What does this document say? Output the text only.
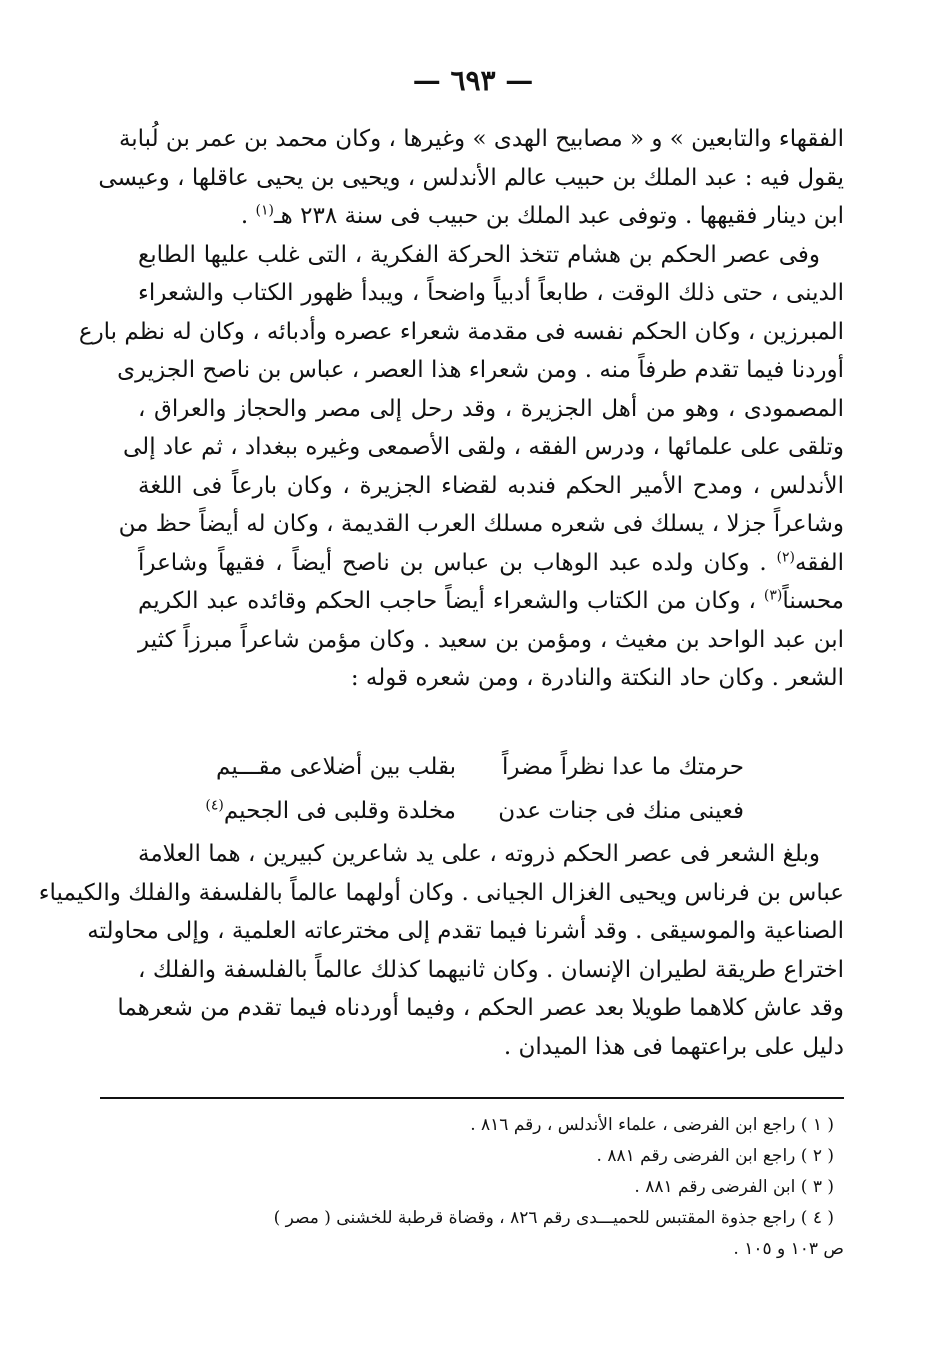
— ٦٩٣ —
الفقهاء والتابعين » و « مصابيح الهدى » وغيرها ، وكان محمد بن عمر بن لُبابة
يقول فيه : عبد الملك بن حبيب عالم الأندلس ، ويحيى بن يحيى عاقلها ، وعيسى
ابن دينار فقيهها . وتوفى عبد الملك بن حبيب فى سنة ٢٣٨ هـ$^{(١)}$ .
وفى عصر الحكم بن هشام تتخذ الحركة الفكرية ، التى غلب عليها الطابع
الدينى ، حتى ذلك الوقت ، طابعاً أدبياً واضحاً ، ويبدأ ظهور الكتاب والشعراء
المبرزين ، وكان الحكم نفسه فى مقدمة شعراء عصره وأدبائه ، وكان له نظم بارع
أوردنا فيما تقدم طرفاً منه . ومن شعراء هذا العصر ، عباس بن ناصح الجزيرى
المصمودى ، وهو من أهل الجزيرة ، وقد رحل إلى مصر والحجاز والعراق ،
وتلقى على علمائها ، ودرس الفقه ، ولقى الأصمعى وغيره ببغداد ، ثم عاد إلى
الأندلس ، ومدح الأمير الحكم فندبه لقضاء الجزيرة ، وكان بارعاً فى اللغة
وشاعراً جزلا ، يسلك فى شعره مسلك العرب القديمة ، وكان له أيضاً حظ من
الفقه$^{(٢)}$ . وكان ولده عبد الوهاب بن عباس بن ناصح أيضاً ، فقيهاً وشاعراً
محسناً$^{(٣)}$ ، وكان من الكتاب والشعراء أيضاً حاجب الحكم وقائده عبد الكريم
ابن عبد الواحد بن مغيث ، ومؤمن بن سعيد . وكان مؤمن شاعراً مبرزاً كثير
الشعر . وكان حاد النكتة والنادرة ، ومن شعره قوله :
حرمتك ما عدا نظراً مضراً
بقلب بين أضلاعى مقـــيم
فعينى منك فى جنات عدن
مخلدة وقلبى فى الجحيم$^{(٤)}$
وبلغ الشعر فى عصر الحكم ذروته ، على يد شاعرين كبيرين ، هما العلامة
عباس بن فرناس ويحيى الغزال الجيانى . وكان أولهما عالماً بالفلسفة والفلك والكيمياء
الصناعية والموسيقى . وقد أشرنا فيما تقدم إلى مخترعاته العلمية ، وإلى محاولته
اختراع طريقة لطيران الإنسان . وكان ثانيهما كذلك عالماً بالفلسفة والفلك ،
وقد عاش كلاهما طويلا بعد عصر الحكم ، وفيما أوردناه فيما تقدم من شعرهما
دليل على براعتهما فى هذا الميدان .
( ١ ) راجع ابن الفرضى ، علماء الأندلس ، رقم ٨١٦ .
( ٢ ) راجع ابن الفرضى رقم ٨٨١ .
( ٣ ) ابن الفرضى رقم ٨٨١ .
( ٤ ) راجع جذوة المقتبس للحميـــدى رقم ٨٢٦ ، وقضاة قرطبة للخشنى ( مصر )
ص ١٠٣ و ١٠٥ .
